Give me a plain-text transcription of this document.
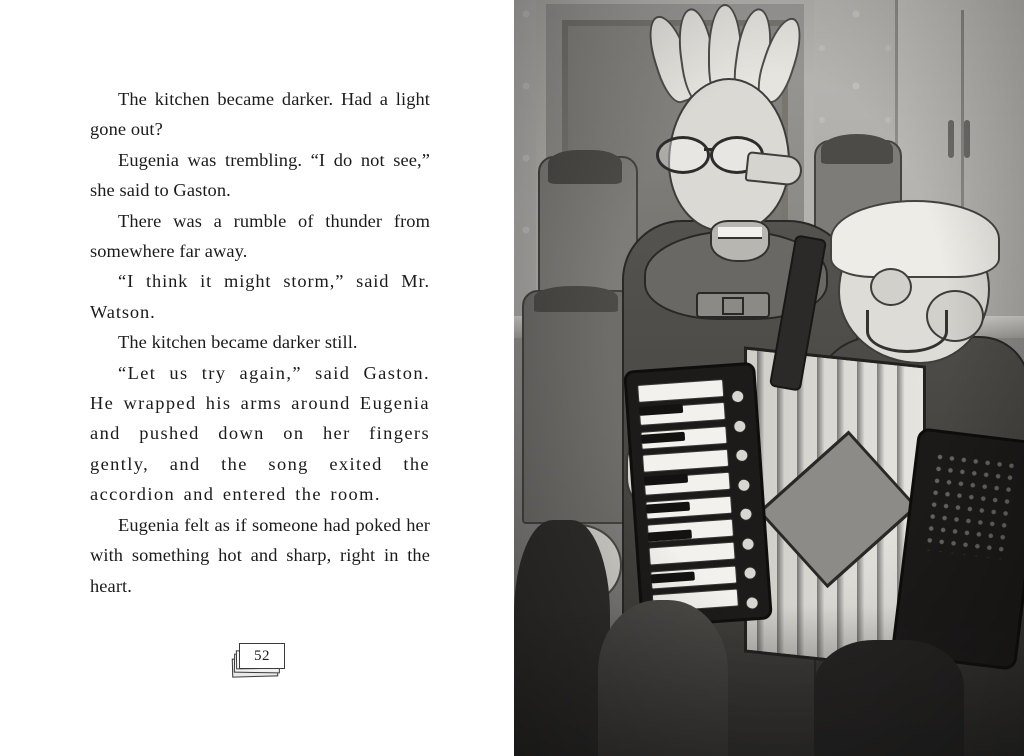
The kitchen became darker. Had a light gone out?

Eugenia was trembling. “I do not see,” she said to Gaston.

There was a rumble of thunder from somewhere far away.

“I think it might storm,” said Mr. Watson.

The kitchen became darker still.

“Let us try again,” said Gaston. He wrapped his arms around Eugenia and pushed down on her fingers gently, and the song exited the accordion and entered the room.

Eugenia felt as if someone had poked her with something hot and sharp, right in the heart.

52
